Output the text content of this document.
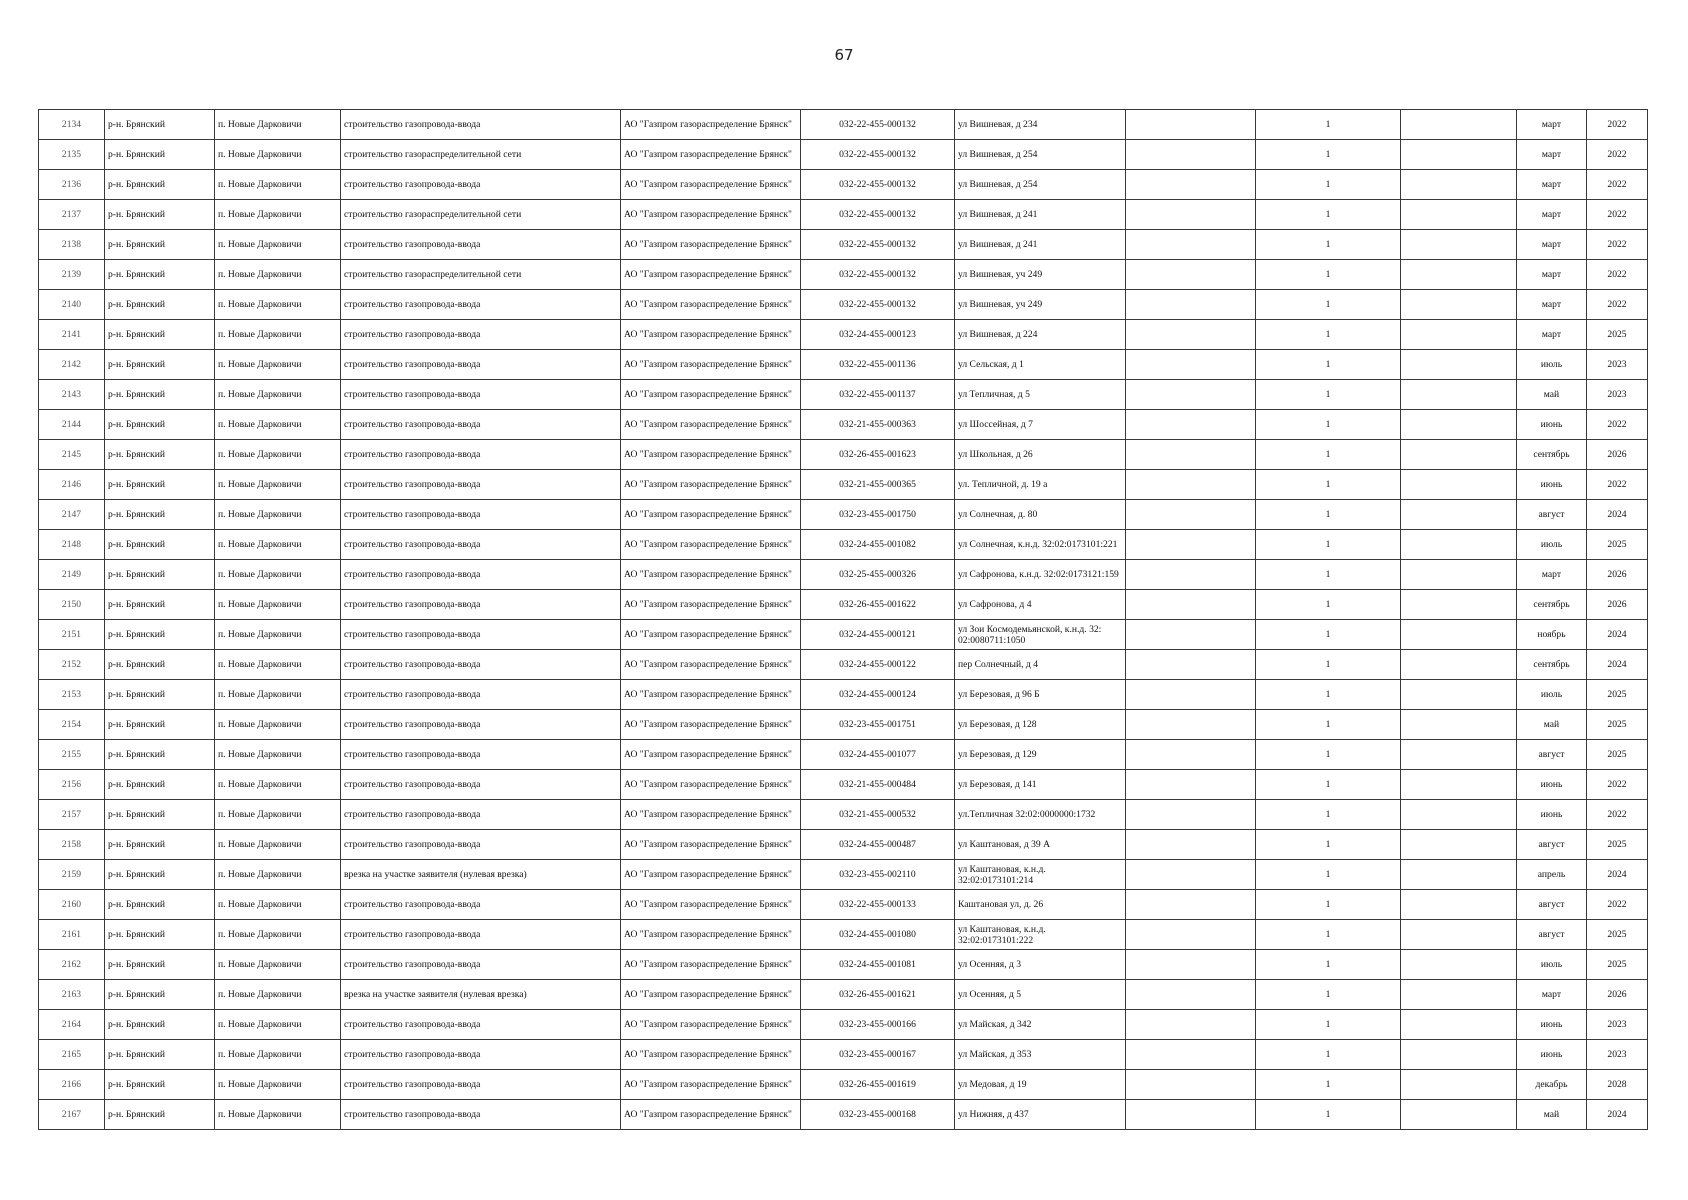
67
2134	р-н. Брянский	п. Новые Дарковичи	строительство газопровода-ввода	АО "Газпром газораспределение Брянск"	032-22-455-000132	ул Вишневая, д 234		1		март	2022
2135	р-н. Брянский	п. Новые Дарковичи	строительство газораспределительной сети	АО "Газпром газораспределение Брянск"	032-22-455-000132	ул Вишневая, д 254		1		март	2022
2136	р-н. Брянский	п. Новые Дарковичи	строительство газопровода-ввода	АО "Газпром газораспределение Брянск"	032-22-455-000132	ул Вишневая, д 254		1		март	2022
2137	р-н. Брянский	п. Новые Дарковичи	строительство газораспределительной сети	АО "Газпром газораспределение Брянск"	032-22-455-000132	ул Вишневая, д 241		1		март	2022
2138	р-н. Брянский	п. Новые Дарковичи	строительство газопровода-ввода	АО "Газпром газораспределение Брянск"	032-22-455-000132	ул Вишневая, д 241		1		март	2022
2139	р-н. Брянский	п. Новые Дарковичи	строительство газораспределительной сети	АО "Газпром газораспределение Брянск"	032-22-455-000132	ул Вишневая, уч 249		1		март	2022
2140	р-н. Брянский	п. Новые Дарковичи	строительство газопровода-ввода	АО "Газпром газораспределение Брянск"	032-22-455-000132	ул Вишневая, уч 249		1		март	2022
2141	р-н. Брянский	п. Новые Дарковичи	строительство газопровода-ввода	АО "Газпром газораспределение Брянск"	032-24-455-000123	ул Вишневая, д 224		1		март	2025
2142	р-н. Брянский	п. Новые Дарковичи	строительство газопровода-ввода	АО "Газпром газораспределение Брянск"	032-22-455-001136	ул Сельская, д 1		1		июль	2023
2143	р-н. Брянский	п. Новые Дарковичи	строительство газопровода-ввода	АО "Газпром газораспределение Брянск"	032-22-455-001137	ул Тепличная, д 5		1		май	2023
2144	р-н. Брянский	п. Новые Дарковичи	строительство газопровода-ввода	АО "Газпром газораспределение Брянск"	032-21-455-000363	ул Шоссейная, д 7		1		июнь	2022
2145	р-н. Брянский	п. Новые Дарковичи	строительство газопровода-ввода	АО "Газпром газораспределение Брянск"	032-26-455-001623	ул Школьная, д 26		1		сентябрь	2026
2146	р-н. Брянский	п. Новые Дарковичи	строительство газопровода-ввода	АО "Газпром газораспределение Брянск"	032-21-455-000365	ул. Тепличной, д. 19 а		1		июнь	2022
2147	р-н. Брянский	п. Новые Дарковичи	строительство газопровода-ввода	АО "Газпром газораспределение Брянск"	032-23-455-001750	ул Солнечная, д. 80		1		август	2024
2148	р-н. Брянский	п. Новые Дарковичи	строительство газопровода-ввода	АО "Газпром газораспределение Брянск"	032-24-455-001082	ул Солнечная, к.н.д. 32:02:0173101:221		1		июль	2025
2149	р-н. Брянский	п. Новые Дарковичи	строительство газопровода-ввода	АО "Газпром газораспределение Брянск"	032-25-455-000326	ул Сафронова, к.н.д. 32:02:0173121:159		1		март	2026
2150	р-н. Брянский	п. Новые Дарковичи	строительство газопровода-ввода	АО "Газпром газораспределение Брянск"	032-26-455-001622	ул Сафронова, д 4		1		сентябрь	2026
2151	р-н. Брянский	п. Новые Дарковичи	строительство газопровода-ввода	АО "Газпром газораспределение Брянск"	032-24-455-000121	ул Зои Космодемьянской, к.н.д. 32: 02:0080711:1050		1		ноябрь	2024
2152	р-н. Брянский	п. Новые Дарковичи	строительство газопровода-ввода	АО "Газпром газораспределение Брянск"	032-24-455-000122	пер Солнечный, д 4		1		сентябрь	2024
2153	р-н. Брянский	п. Новые Дарковичи	строительство газопровода-ввода	АО "Газпром газораспределение Брянск"	032-24-455-000124	ул Березовая, д 96 Б		1		июль	2025
2154	р-н. Брянский	п. Новые Дарковичи	строительство газопровода-ввода	АО "Газпром газораспределение Брянск"	032-23-455-001751	ул Березовая, д 128		1		май	2025
2155	р-н. Брянский	п. Новые Дарковичи	строительство газопровода-ввода	АО "Газпром газораспределение Брянск"	032-24-455-001077	ул Березовая, д 129		1		август	2025
2156	р-н. Брянский	п. Новые Дарковичи	строительство газопровода-ввода	АО "Газпром газораспределение Брянск"	032-21-455-000484	ул Березовая, д 141		1		июнь	2022
2157	р-н. Брянский	п. Новые Дарковичи	строительство газопровода-ввода	АО "Газпром газораспределение Брянск"	032-21-455-000532	ул.Тепличная 32:02:0000000:1732		1		июнь	2022
2158	р-н. Брянский	п. Новые Дарковичи	строительство газопровода-ввода	АО "Газпром газораспределение Брянск"	032-24-455-000487	ул Каштановая, д 39 А		1		август	2025
2159	р-н. Брянский	п. Новые Дарковичи	врезка на участке заявителя (нулевая врезка)	АО "Газпром газораспределение Брянск"	032-23-455-002110	ул Каштановая, к.н.д. 32:02:0173101:214		1		апрель	2024
2160	р-н. Брянский	п. Новые Дарковичи	строительство газопровода-ввода	АО "Газпром газораспределение Брянск"	032-22-455-000133	Каштановая ул, д. 26		1		август	2022
2161	р-н. Брянский	п. Новые Дарковичи	строительство газопровода-ввода	АО "Газпром газораспределение Брянск"	032-24-455-001080	ул Каштановая, к.н.д. 32:02:0173101:222		1		август	2025
2162	р-н. Брянский	п. Новые Дарковичи	строительство газопровода-ввода	АО "Газпром газораспределение Брянск"	032-24-455-001081	ул Осенняя, д 3		1		июль	2025
2163	р-н. Брянский	п. Новые Дарковичи	врезка на участке заявителя (нулевая врезка)	АО "Газпром газораспределение Брянск"	032-26-455-001621	ул Осенняя, д 5		1		март	2026
2164	р-н. Брянский	п. Новые Дарковичи	строительство газопровода-ввода	АО "Газпром газораспределение Брянск"	032-23-455-000166	ул Майская, д 342		1		июнь	2023
2165	р-н. Брянский	п. Новые Дарковичи	строительство газопровода-ввода	АО "Газпром газораспределение Брянск"	032-23-455-000167	ул Майская, д 353		1		июнь	2023
2166	р-н. Брянский	п. Новые Дарковичи	строительство газопровода-ввода	АО "Газпром газораспределение Брянск"	032-26-455-001619	ул Медовая, д 19		1		декабрь	2028
2167	р-н. Брянский	п. Новые Дарковичи	строительство газопровода-ввода	АО "Газпром газораспределение Брянск"	032-23-455-000168	ул Нижняя, д 437		1		май	2024
